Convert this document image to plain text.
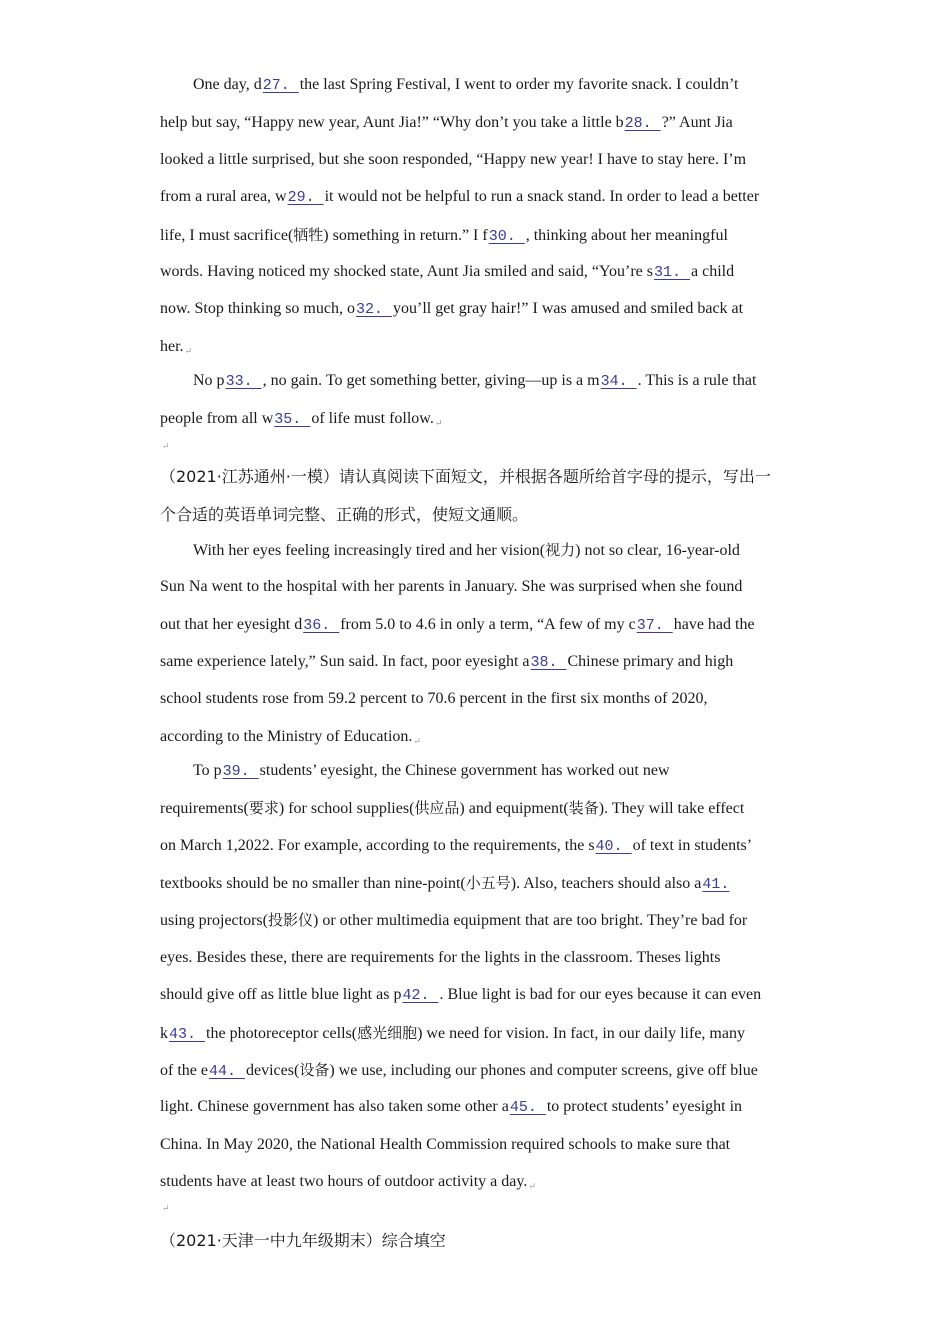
One day, d27. the last Spring Festival, I went to order my favorite snack. I couldn’t
help but say, “Happy new year, Aunt Jia!” “Why don’t you take a little b28. ?” Aunt Jia
looked a little surprised, but she soon responded, “Happy new year! I have to stay here. I’m
from a rural area, w29. it would not be helpful to run a snack stand. In order to lead a better
life, I must sacrifice(牺牲) something in return.” I f30. , thinking about her meaningful
words. Having noticed my shocked state, Aunt Jia smiled and said, “You’re s31. a child
now. Stop thinking so much, o32. you’ll get gray hair!” I was amused and smiled back at
her.↵
No p33. , no gain. To get something better, giving—up is a m34. . This is a rule that
people from all w35. of life must follow.↵
With her eyes feeling increasingly tired and her vision(视力) not so clear, 16-year-old
Sun Na went to the hospital with her parents in January. She was surprised when she found
out that her eyesight d36. from 5.0 to 4.6 in only a term, “A few of my c37. have had the
same experience lately,” Sun said. In fact, poor eyesight a38. Chinese primary and high
school students rose from 59.2 percent to 70.6 percent in the first six months of 2020,
according to the Ministry of Education.↵
To p39. students’ eyesight, the Chinese government has worked out new
requirements(要求) for school supplies(供应品) and equipment(装备). They will take effect
on March 1,2022. For example, according to the requirements, the s40. of text in students’
textbooks should be no smaller than nine-point(小五号). Also, teachers should also a41.
using projectors(投影仪) or other multimedia equipment that are too bright. They’re bad for
eyes. Besides these, there are requirements for the lights in the classroom. Theses lights
should give off as little blue light as p42. . Blue light is bad for our eyes because it can even
k43. the photoreceptor cells(感光细胞) we need for vision. In fact, in our daily life, many
of the e44. devices(设备) we use, including our phones and computer screens, give off blue
light. Chinese government has also taken some other a45. to protect students’ eyesight in
China. In May 2020, the National Health Commission required schools to make sure that
students have at least two hours of outdoor activity a day.↵
（2021·江苏通州·一模）请认真阅读下面短文，并根据各题所给首字母的提示，写出一
个合适的英语单词完整、正确的形式，使短文通顺。
（2021·天津一中九年级期末）综合填空
↵
↵
